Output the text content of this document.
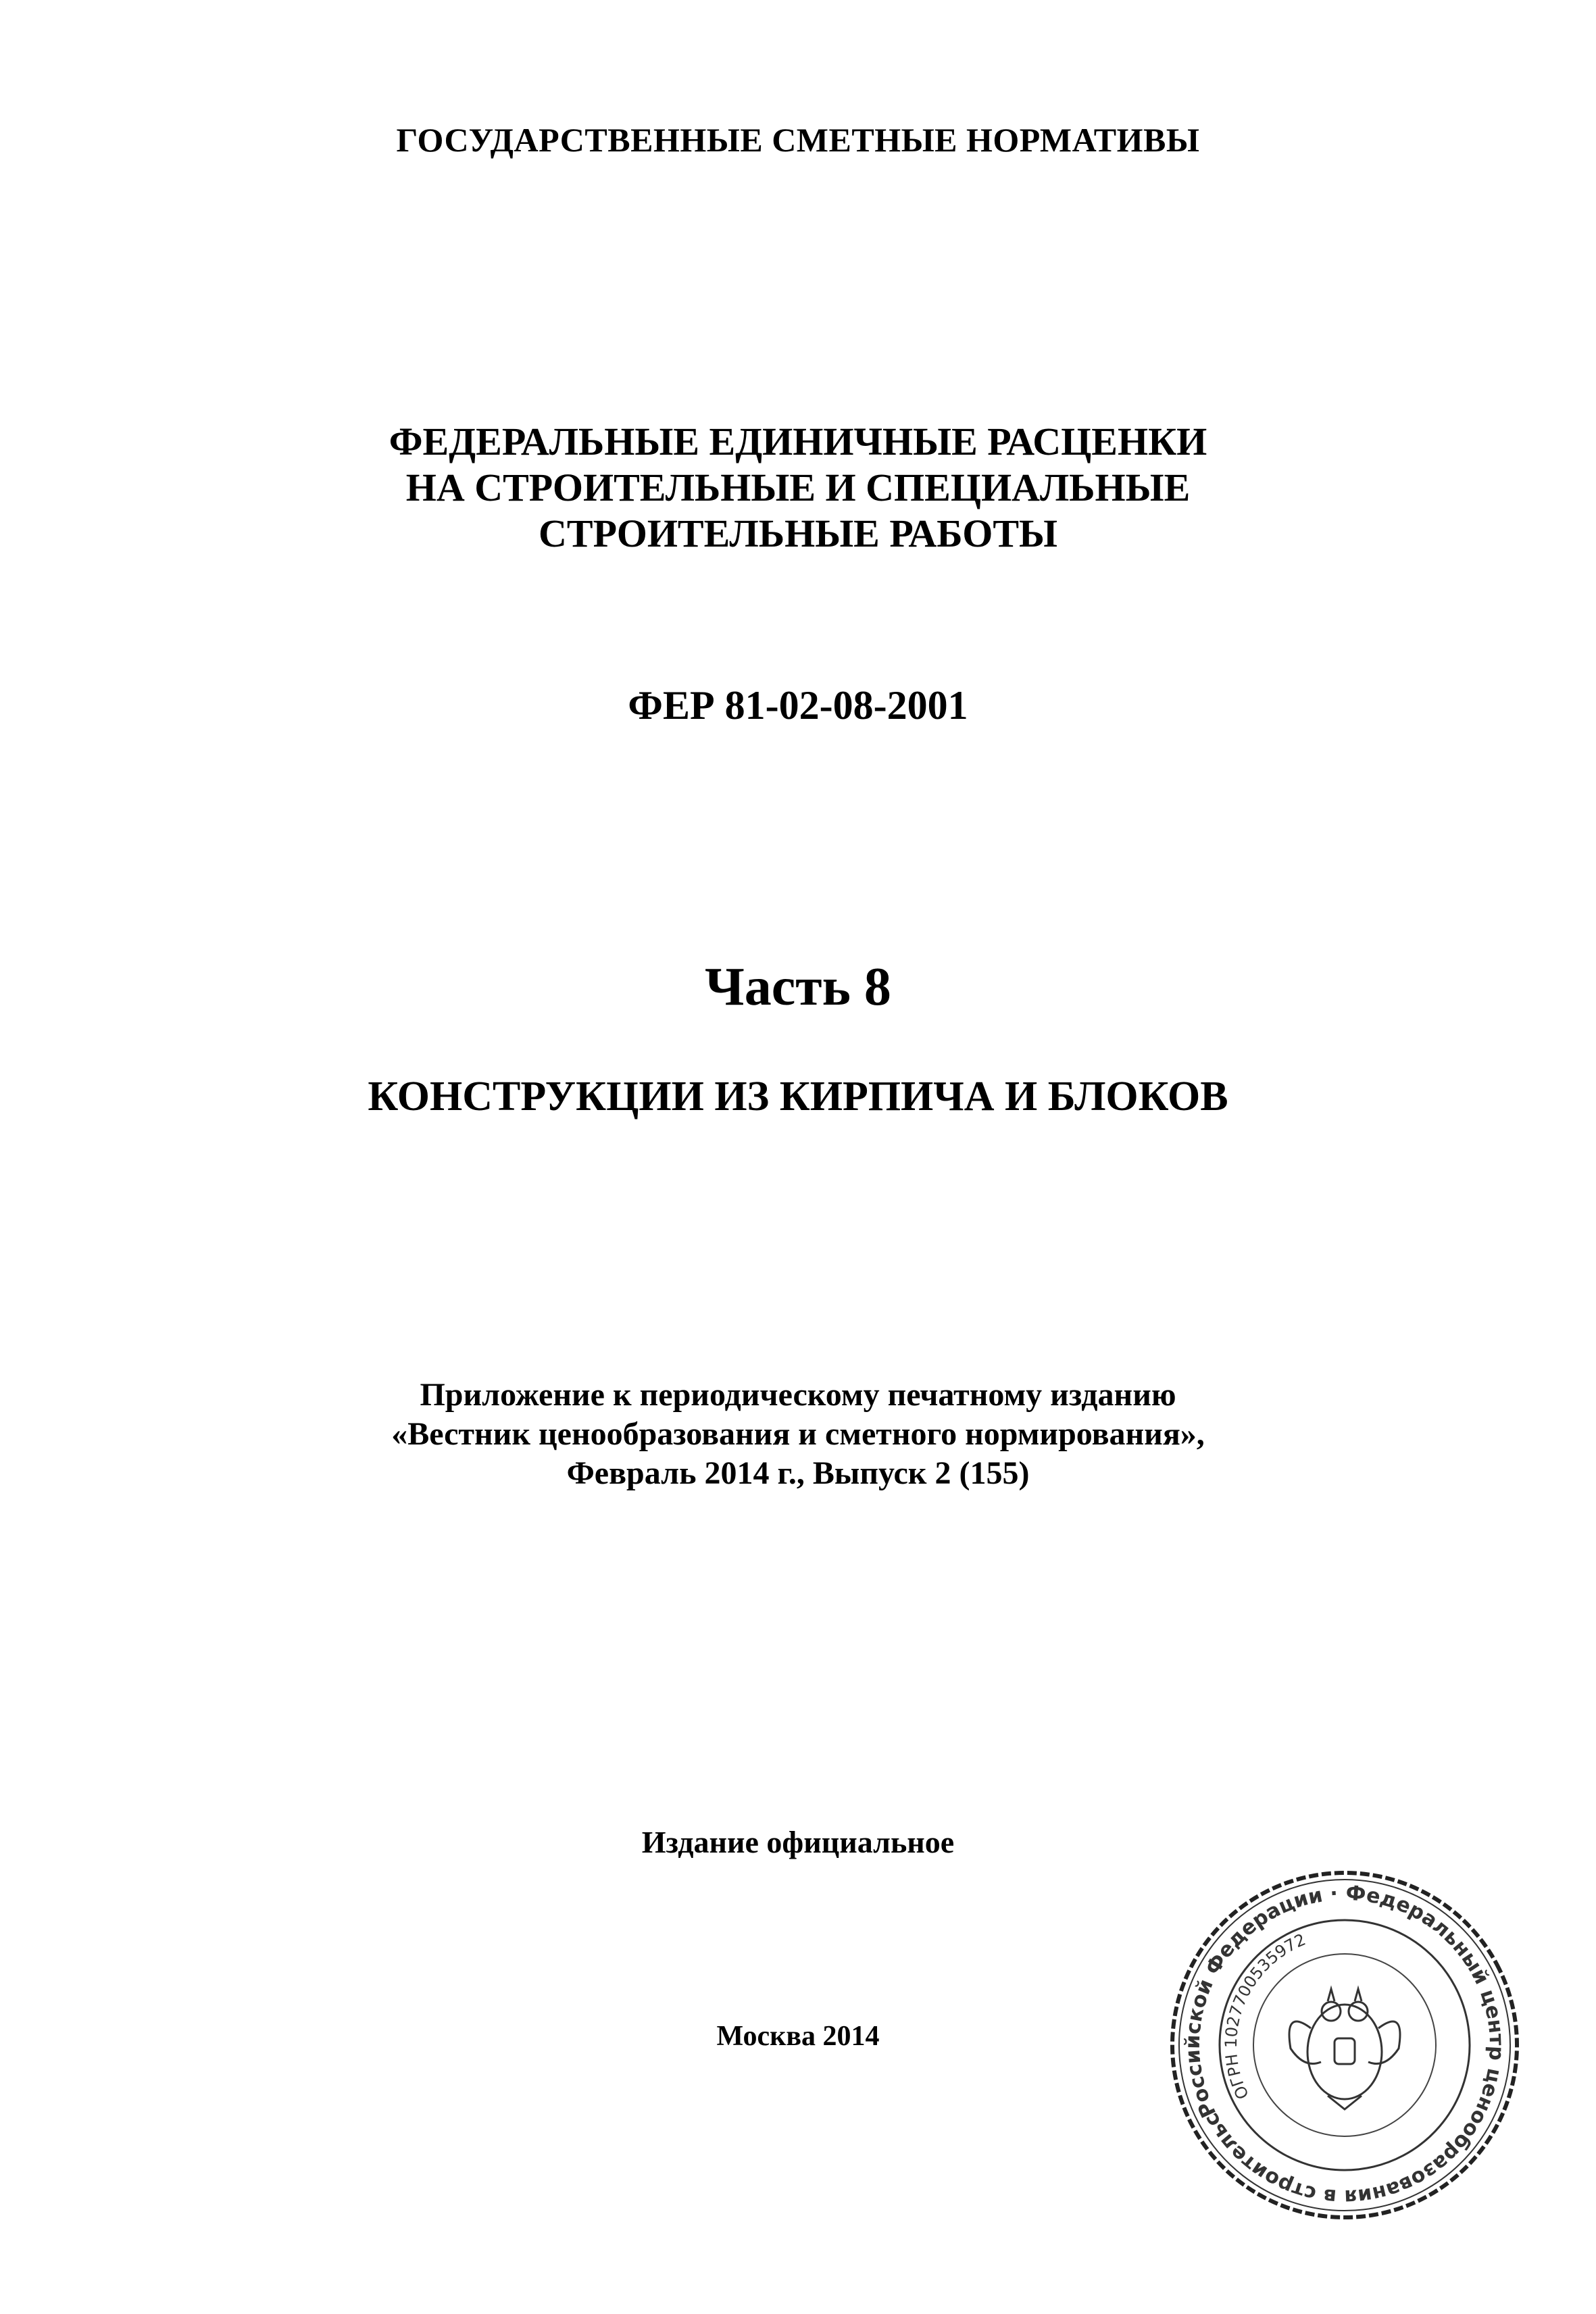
ГОСУДАРСТВЕННЫЕ СМЕТНЫЕ НОРМАТИВЫ
ФЕДЕРАЛЬНЫЕ ЕДИНИЧНЫЕ РАСЦЕНКИ
НА СТРОИТЕЛЬНЫЕ И СПЕЦИАЛЬНЫЕ
СТРОИТЕЛЬНЫЕ РАБОТЫ
ФЕР 81-02-08-2001
Часть 8
КОНСТРУКЦИИ ИЗ КИРПИЧА И БЛОКОВ
Приложение к периодическому печатному изданию
«Вестник ценообразования и сметного нормирования»,
Февраль 2014 г., Выпуск 2 (155)
Издание официальное
Москва 2014
Российской Федерации · Федеральный центр ценообразования в строительстве
ОГРН 1027700535972
